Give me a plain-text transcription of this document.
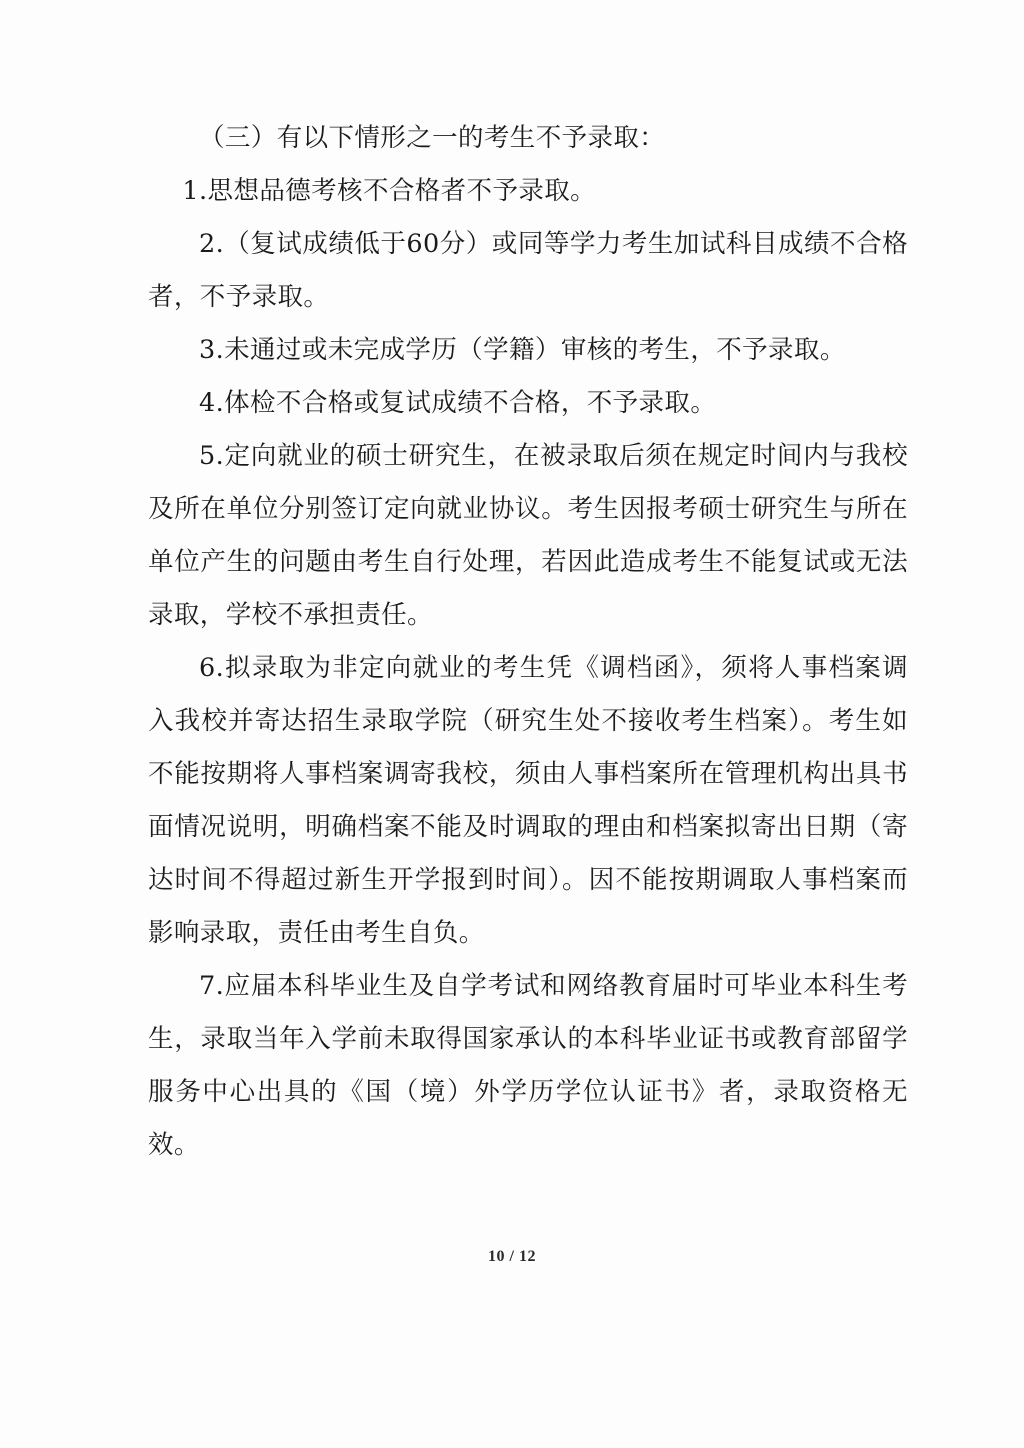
（三）有以下情形之一的考生不予录取：

1.思想品德考核不合格者不予录取。

2.（复试成绩低于60分）或同等学力考生加试科目成绩不合格者，不予录取。

3.未通过或未完成学历（学籍）审核的考生，不予录取。

4.体检不合格或复试成绩不合格，不予录取。

5.定向就业的硕士研究生，在被录取后须在规定时间内与我校及所在单位分别签订定向就业协议。考生因报考硕士研究生与所在单位产生的问题由考生自行处理，若因此造成考生不能复试或无法录取，学校不承担责任。

6.拟录取为非定向就业的考生凭《调档函》，须将人事档案调入我校并寄达招生录取学院（研究生处不接收考生档案）。考生如不能按期将人事档案调寄我校，须由人事档案所在管理机构出具书面情况说明，明确档案不能及时调取的理由和档案拟寄出日期（寄达时间不得超过新生开学报到时间）。因不能按期调取人事档案而影响录取，责任由考生自负。

7.应届本科毕业生及自学考试和网络教育届时可毕业本科生考生，录取当年入学前未取得国家承认的本科毕业证书或教育部留学服务中心出具的《国（境）外学历学位认证书》者，录取资格无效。

10 / 12
